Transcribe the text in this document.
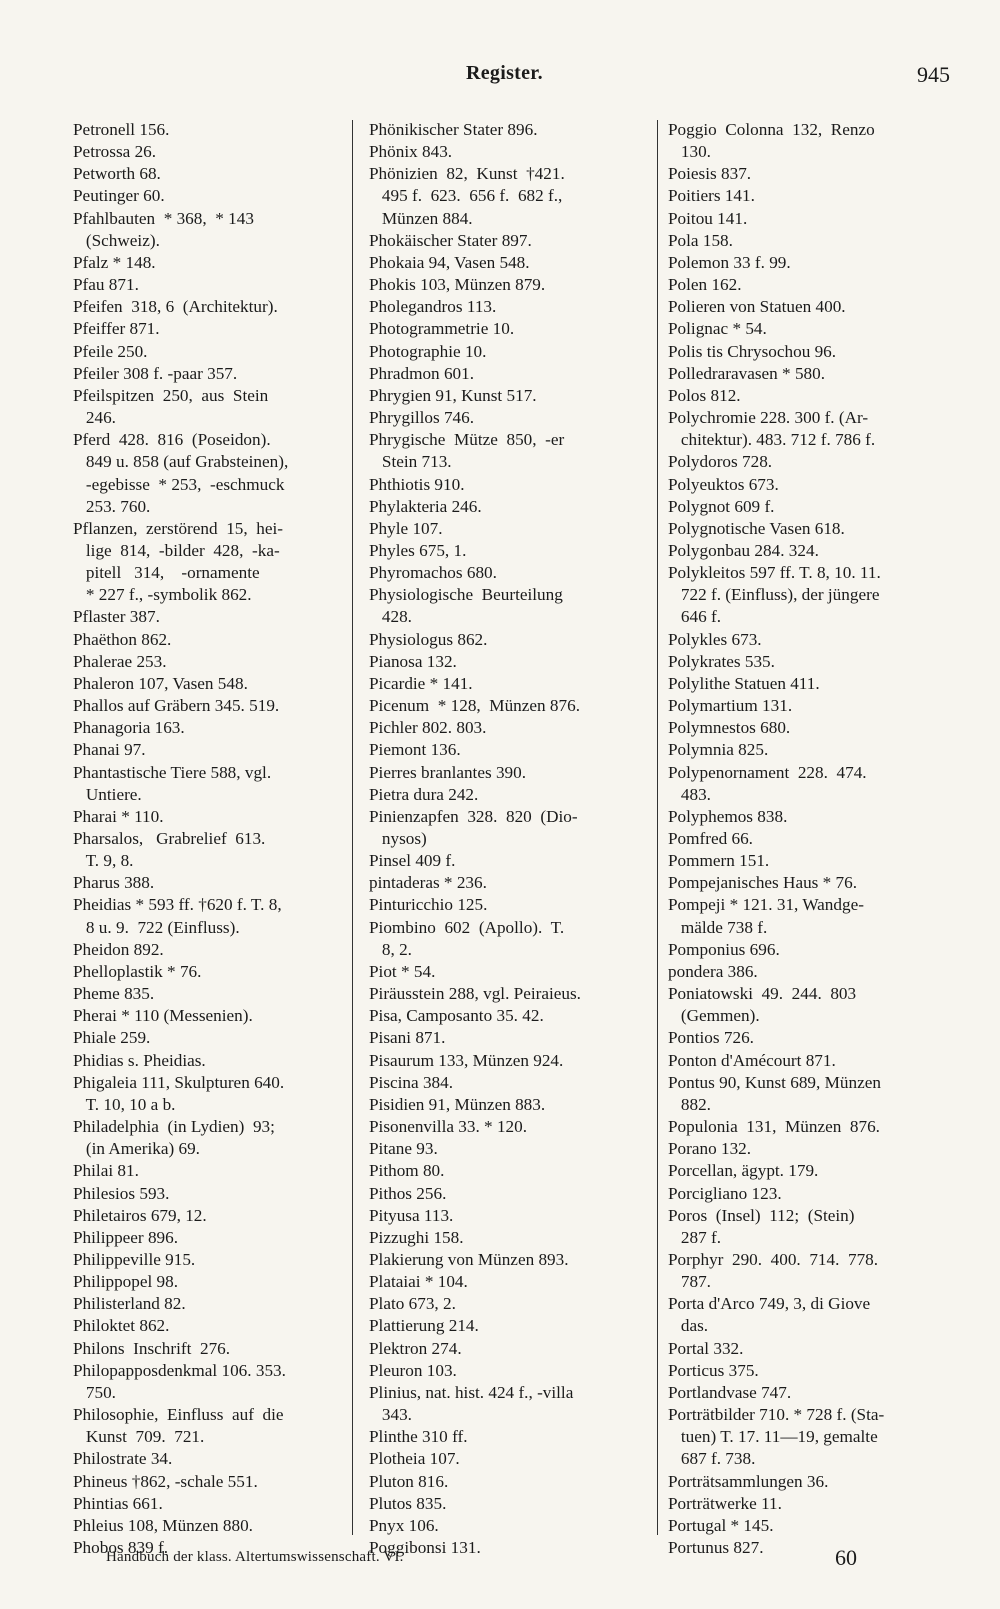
Register.	945
Petronell 156.
Petrossa 26.
Petworth 68.
Peutinger 60.
Pfahlbauten  * 368,  * 143
(Schweiz).
Pfalz * 148.
Pfau 871.
Pfeifen  318, 6  (Architektur).
Pfeiffer 871.
Pfeile 250.
Pfeiler 308 f. -paar 357.
Pfeilspitzen  250,  aus  Stein
246.
Pferd  428.  816  (Poseidon).
849 u. 858 (auf Grabsteinen),
-egebisse  * 253,  -eschmuck
253. 760.
Pflanzen,  zerstörend  15,  hei-
lige  814,  -bilder  428,  -ka-
pitell   314,    -ornamente
* 227 f., -symbolik 862.
Pflaster 387.
Phaëthon 862.
Phalerae 253.
Phaleron 107, Vasen 548.
Phallos auf Gräbern 345. 519.
Phanagoria 163.
Phanai 97.
Phantastische Tiere 588, vgl.
Untiere.
Pharai * 110.
Pharsalos,   Grabrelief  613.
T. 9, 8.
Pharus 388.
Pheidias * 593 ff. †620 f. T. 8,
8 u. 9.  722 (Einfluss).
Pheidon 892.
Phelloplastik * 76.
Pheme 835.
Pherai * 110 (Messenien).
Phiale 259.
Phidias s. Pheidias.
Phigaleia 111, Skulpturen 640.
T. 10, 10 a b.
Philadelphia  (in Lydien)  93;
(in Amerika) 69.
Philai 81.
Philesios 593.
Philetairos 679, 12.
Philippeer 896.
Philippeville 915.
Philippopel 98.
Philisterland 82.
Philoktet 862.
Philons  Inschrift  276.
Philopapposdenkmal 106. 353.
750.
Philosophie,  Einfluss  auf  die
Kunst  709.  721.
Philostrate 34.
Phineus †862, -schale 551.
Phintias 661.
Phleius 108, Münzen 880.
Phobos 839 f.
Phönikischer Stater 896.
Phönix 843.
Phönizien  82,  Kunst  †421.
495 f.  623.  656 f.  682 f.,
Münzen 884.
Phokäischer Stater 897.
Phokaia 94, Vasen 548.
Phokis 103, Münzen 879.
Pholegandros 113.
Photogrammetrie 10.
Photographie 10.
Phradmon 601.
Phrygien 91, Kunst 517.
Phrygillos 746.
Phrygische  Mütze  850,  -er
Stein 713.
Phthiotis 910.
Phylakteria 246.
Phyle 107.
Phyles 675, 1.
Phyromachos 680.
Physiologische  Beurteilung
428.
Physiologus 862.
Pianosa 132.
Picardie * 141.
Picenum  * 128,  Münzen 876.
Pichler 802. 803.
Piemont 136.
Pierres branlantes 390.
Pietra dura 242.
Pinienzapfen  328.  820  (Dio-
nysos)
Pinsel 409 f.
pintaderas * 236.
Pinturicchio 125.
Piombino  602  (Apollo).  T.
8, 2.
Piot * 54.
Piräusstein 288, vgl. Peiraieus.
Pisa, Camposanto 35. 42.
Pisani 871.
Pisaurum 133, Münzen 924.
Piscina 384.
Pisidien 91, Münzen 883.
Pisonenvilla 33. * 120.
Pitane 93.
Pithom 80.
Pithos 256.
Pityusa 113.
Pizzughi 158.
Plakierung von Münzen 893.
Plataiai * 104.
Plato 673, 2.
Plattierung 214.
Plektron 274.
Pleuron 103.
Plinius, nat. hist. 424 f., -villa
343.
Plinthe 310 ff.
Plotheia 107.
Pluton 816.
Plutos 835.
Pnyx 106.
Poggibonsi 131.
Poggio  Colonna  132,  Renzo
130.
Poiesis 837.
Poitiers 141.
Poitou 141.
Pola 158.
Polemon 33 f. 99.
Polen 162.
Polieren von Statuen 400.
Polignac * 54.
Polis tis Chrysochou 96.
Polledraravasen * 580.
Polos 812.
Polychromie 228. 300 f. (Ar-
chitektur). 483. 712 f. 786 f.
Polydoros 728.
Polyeuktos 673.
Polygnot 609 f.
Polygnotische Vasen 618.
Polygonbau 284. 324.
Polykleitos 597 ff. T. 8, 10. 11.
722 f. (Einfluss), der jüngere
646 f.
Polykles 673.
Polykrates 535.
Polylithe Statuen 411.
Polymartium 131.
Polymnestos 680.
Polymnia 825.
Polypenornament  228.  474.
483.
Polyphemos 838.
Pomfred 66.
Pommern 151.
Pompejanisches Haus * 76.
Pompeji * 121. 31, Wandge-
mälde 738 f.
Pomponius 696.
pondera 386.
Poniatowski  49.  244.  803
(Gemmen).
Pontios 726.
Ponton d'Amécourt 871.
Pontus 90, Kunst 689, Münzen
882.
Populonia  131,  Münzen  876.
Porano 132.
Porcellan, ägypt. 179.
Porcigliano 123.
Poros  (Insel)  112;  (Stein)
287 f.
Porphyr  290.  400.  714.  778.
787.
Porta d'Arco 749, 3, di Giove
das.
Portal 332.
Porticus 375.
Portlandvase 747.
Porträtbilder 710. * 728 f. (Sta-
tuen) T. 17. 11—19, gemalte
687 f. 738.
Porträtsammlungen 36.
Porträtwerke 11.
Portugal * 145.
Portunus 827.
Handbuch der klass. Altertumswissenschaft. VI.	60
